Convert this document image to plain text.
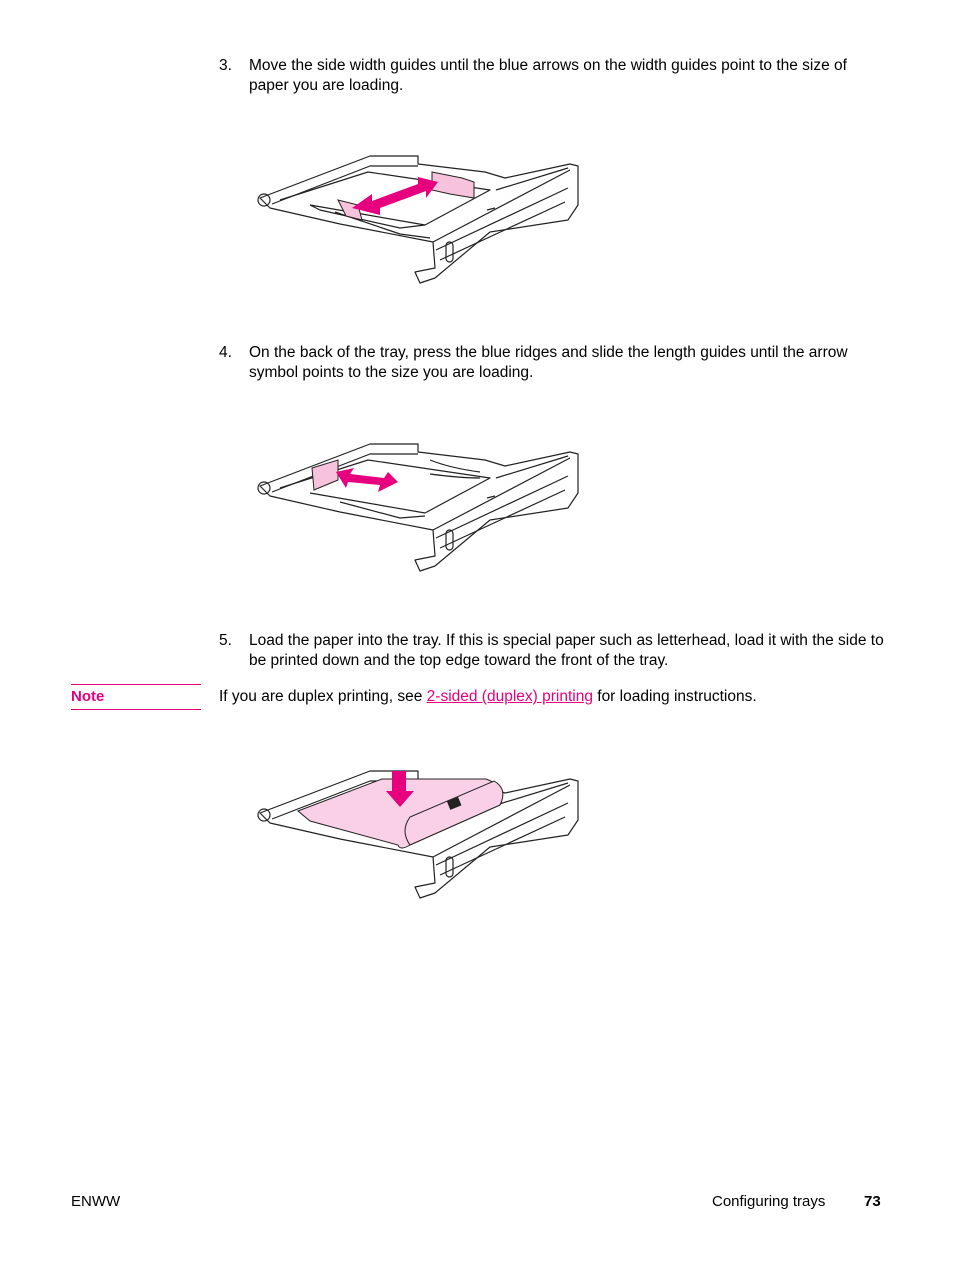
3. Move the side width guides until the blue arrows on the width guides point to the size of paper you are loading.
4. On the back of the tray, press the blue ridges and slide the length guides until the arrow symbol points to the size you are loading.
5. Load the paper into the tray. If this is special paper such as letterhead, load it with the side to be printed down and the top edge toward the front of the tray.
Note	If you are duplex printing, see 2-sided (duplex) printing for loading instructions.
ENWW	Configuring trays	73
